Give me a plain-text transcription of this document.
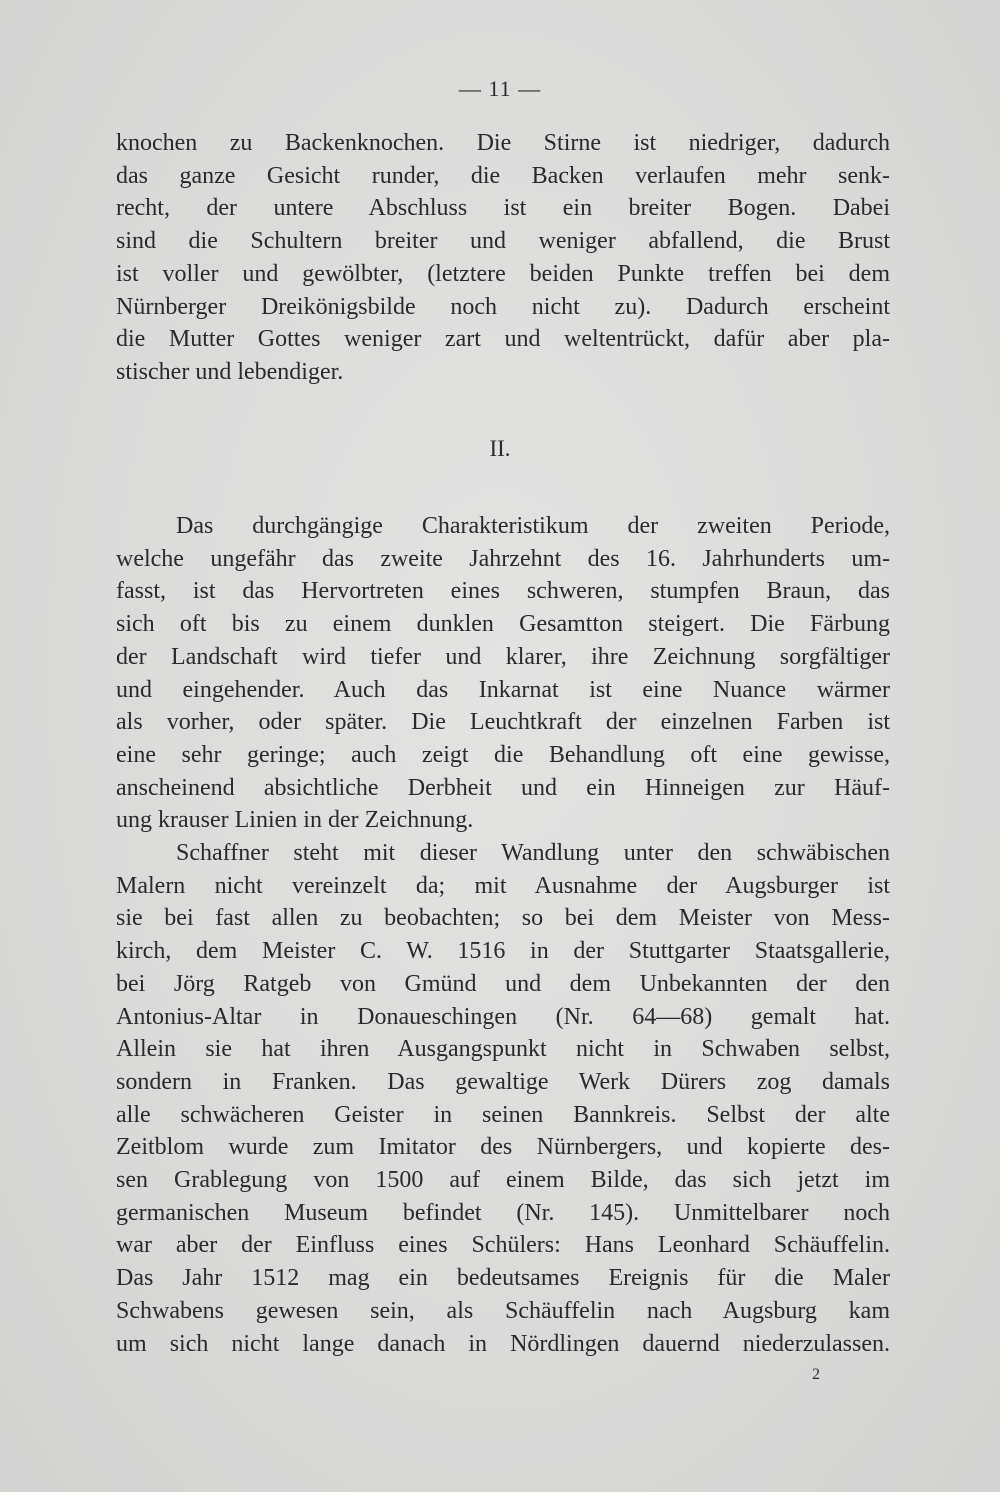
— 11 —
knochen zu Backenknochen. Die Stirne ist niedriger, dadurch
das ganze Gesicht runder, die Backen verlaufen mehr senk-
recht, der untere Abschluss ist ein breiter Bogen. Dabei
sind die Schultern breiter und weniger abfallend, die Brust
ist voller und gewölbter, (letztere beiden Punkte treffen bei dem
Nürnberger Dreikönigsbilde noch nicht zu). Dadurch erscheint
die Mutter Gottes weniger zart und weltentrückt, dafür aber pla-
stischer und lebendiger.
II.
Das durchgängige Charakteristikum der zweiten Periode,
welche ungefähr das zweite Jahrzehnt des 16. Jahrhunderts um-
fasst, ist das Hervortreten eines schweren, stumpfen Braun, das
sich oft bis zu einem dunklen Gesamtton steigert. Die Färbung
der Landschaft wird tiefer und klarer, ihre Zeichnung sorgfältiger
und eingehender. Auch das Inkarnat ist eine Nuance wärmer
als vorher, oder später. Die Leuchtkraft der einzelnen Farben ist
eine sehr geringe; auch zeigt die Behandlung oft eine gewisse,
anscheinend absichtliche Derbheit und ein Hinneigen zur Häuf-
ung krauser Linien in der Zeichnung.
Schaffner steht mit dieser Wandlung unter den schwäbischen
Malern nicht vereinzelt da; mit Ausnahme der Augsburger ist
sie bei fast allen zu beobachten; so bei dem Meister von Mess-
kirch, dem Meister C. W. 1516 in der Stuttgarter Staatsgallerie,
bei Jörg Ratgeb von Gmünd und dem Unbekannten der den
Antonius-Altar in Donaueschingen (Nr. 64—68) gemalt hat.
Allein sie hat ihren Ausgangspunkt nicht in Schwaben selbst,
sondern in Franken. Das gewaltige Werk Dürers zog damals
alle schwächeren Geister in seinen Bannkreis. Selbst der alte
Zeitblom wurde zum Imitator des Nürnbergers, und kopierte des-
sen Grablegung von 1500 auf einem Bilde, das sich jetzt im
germanischen Museum befindet (Nr. 145). Unmittelbarer noch
war aber der Einfluss eines Schülers: Hans Leonhard Schäuffelin.
Das Jahr 1512 mag ein bedeutsames Ereignis für die Maler
Schwabens gewesen sein, als Schäuffelin nach Augsburg kam
um sich nicht lange danach in Nördlingen dauernd niederzulassen.
2
